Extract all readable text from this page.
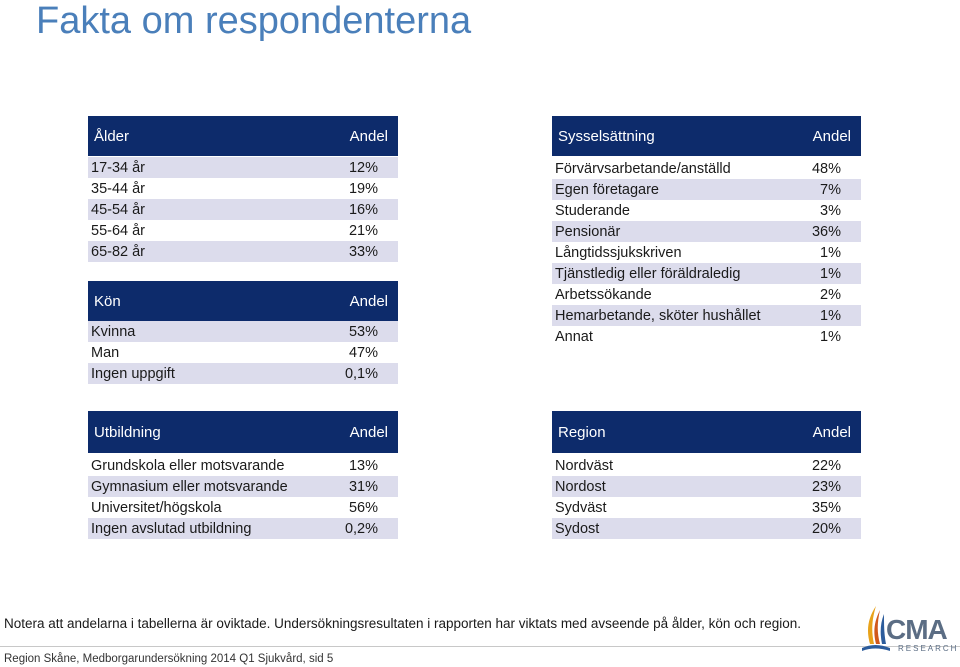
Fakta om respondenterna
Ålder	Andel
17-34 år	12%
35-44 år	19%
45-54 år	16%
55-64 år	21%
65-82 år	33%
Kön	Andel
Kvinna	53%
Man	47%
Ingen uppgift	0,1%
Sysselsättning	Andel
Förvärvsarbetande/anställd	48%
Egen företagare	7%
Studerande	3%
Pensionär	36%
Långtidssjukskriven	1%
Tjänstledig eller föräldraledig	1%
Arbetssökande	2%
Hemarbetande, sköter hushållet	1%
Annat	1%
Utbildning	Andel
Grundskola eller motsvarande	13%
Gymnasium eller motsvarande	31%
Universitet/högskola	56%
Ingen avslutad utbildning	0,2%
Region	Andel
Nordväst	22%
Nordost	23%
Sydväst	35%
Sydost	20%
Notera att andelarna i tabellerna är oviktade. Undersökningsresultaten i rapporten har viktats med avseende på ålder, kön och region.
Region Skåne, Medborgarundersökning 2014 Q1 Sjukvård, sid 5
CMA
RESEARCH
